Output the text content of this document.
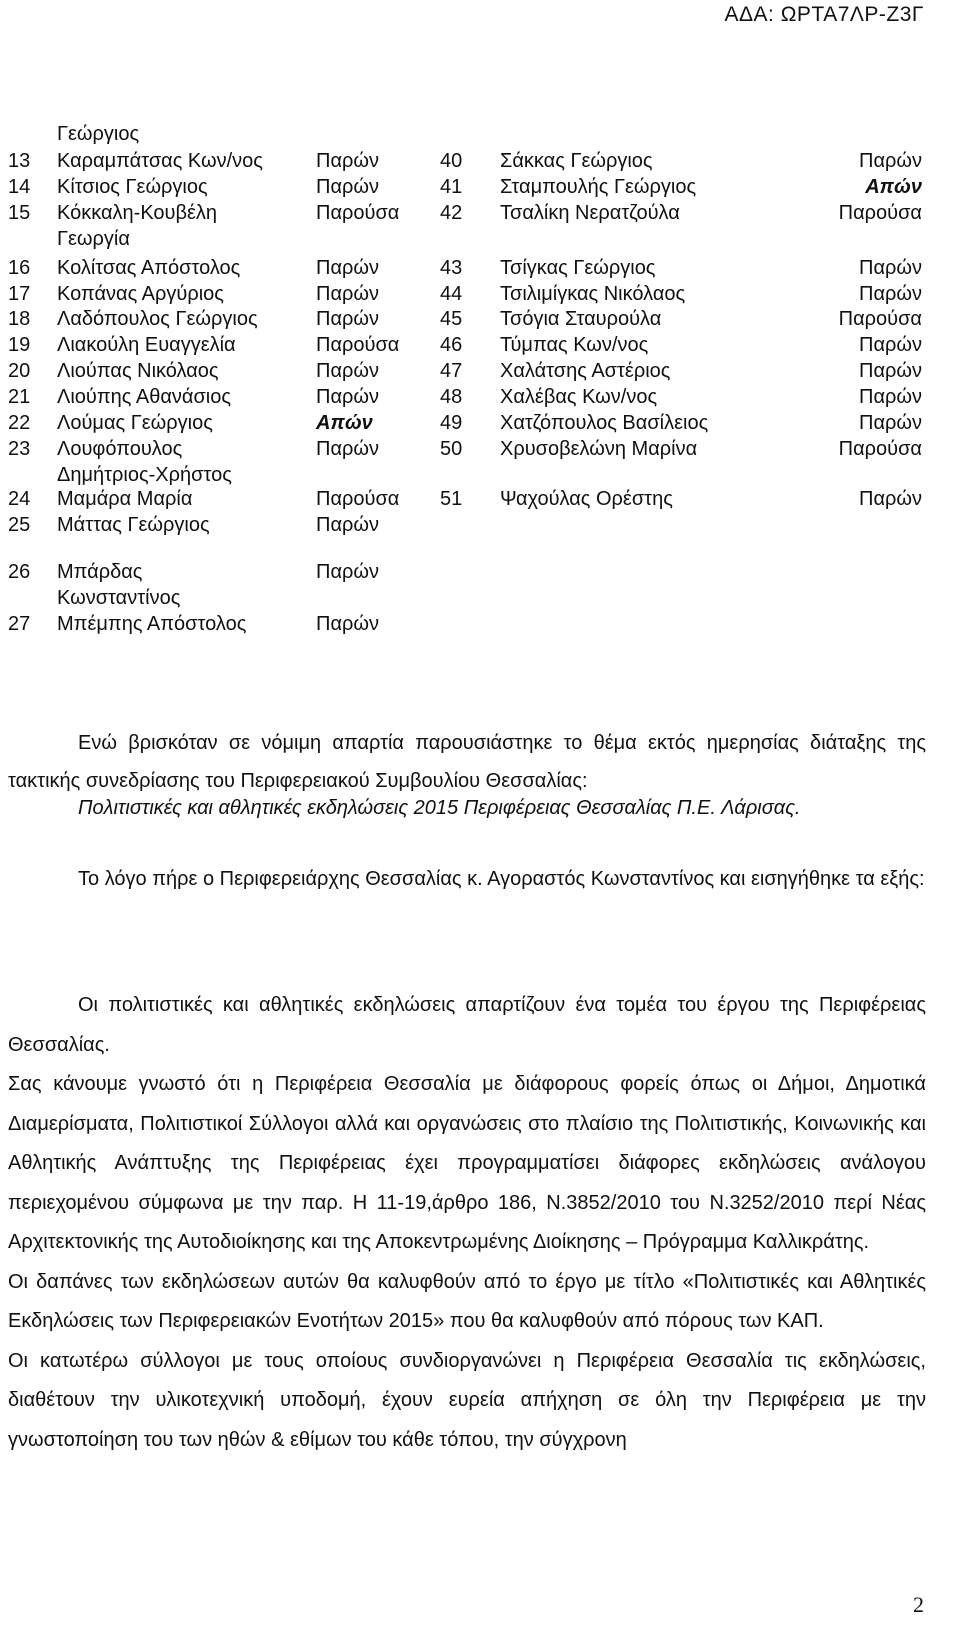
ΑΔΑ: ΩΡΤΑ7ΛΡ-Ζ3Γ
Γεώργιος
13 Καραμπάτσας Κων/νος	Παρών
14 Κίτσιος Γεώργιος	Παρών
15 Κόκκαλη-Κουβέλη	Παρούσα
Γεωργία
16 Κολίτσας Απόστολος	Παρών
17 Κοπάνας Αργύριος	Παρών
18 Λαδόπουλος Γεώργιος	Παρών
19 Λιακούλη Ευαγγελία	Παρούσα
20 Λιούπας Νικόλαος	Παρών
21 Λιούπης Αθανάσιος	Παρών
22 Λούμας Γεώργιος	Απών
23 Λουφόπουλος	Παρών
Δημήτριος-Χρήστος
24 Μαμάρα Μαρία	Παρούσα
25 Μάττας Γεώργιος	Παρών
26 Μπάρδας	Παρών
Κωνσταντίνος
27 Μπέμπης Απόστολος	Παρών
40 Σάκκας Γεώργιος	Παρών
41 Σταμπουλής Γεώργιος	Απών
42 Τσαλίκη Νερατζούλα	Παρούσα
43 Τσίγκας Γεώργιος	Παρών
44 Τσιλιμίγκας Νικόλαος	Παρών
45 Τσόγια Σταυρούλα	Παρούσα
46 Τύμπας Κων/νος	Παρών
47 Χαλάτσης Αστέριος	Παρών
48 Χαλέβας Κων/νος	Παρών
49 Χατζόπουλος Βασίλειος	Παρών
50 Χρυσοβελώνη Μαρίνα	Παρούσα
51 Ψαχούλας Ορέστης	Παρών

Ενώ βρισκόταν σε νόμιμη απαρτία παρουσιάστηκε το θέμα εκτός ημερησίας διάταξης της τακτικής συνεδρίασης του Περιφερειακού Συμβουλίου Θεσσαλίας:

Πολιτιστικές και αθλητικές εκδηλώσεις 2015 Περιφέρειας Θεσσαλίας Π.Ε. Λάρισας.

Το λόγο πήρε ο Περιφερειάρχης Θεσσαλίας κ. Αγοραστός Κωνσταντίνος και εισηγήθηκε τα εξής:

Οι πολιτιστικές και αθλητικές εκδηλώσεις απαρτίζουν ένα τομέα του έργου της Περιφέρειας Θεσσαλίας.

Σας κάνουμε γνωστό ότι η Περιφέρεια Θεσσαλία με διάφορους φορείς όπως οι Δήμοι, Δημοτικά Διαμερίσματα, Πολιτιστικοί Σύλλογοι αλλά και οργανώσεις στο πλαίσιο της Πολιτιστικής, Κοινωνικής και Αθλητικής Ανάπτυξης της Περιφέρειας έχει προγραμματίσει διάφορες εκδηλώσεις ανάλογου περιεχομένου σύμφωνα με την παρ. Η 11-19,άρθρο 186, Ν.3852/2010 του Ν.3252/2010 περί Νέας Αρχιτεκτονικής της Αυτοδιοίκησης και της Αποκεντρωμένης Διοίκησης – Πρόγραμμα Καλλικράτης.

Οι δαπάνες των εκδηλώσεων αυτών θα καλυφθούν από το έργο με τίτλο «Πολιτιστικές και Αθλητικές Εκδηλώσεις των Περιφερειακών Ενοτήτων 2015» που θα καλυφθούν από πόρους των ΚΑΠ.

Οι κατωτέρω σύλλογοι με τους οποίους συνδιοργανώνει η Περιφέρεια Θεσσαλία τις εκδηλώσεις, διαθέτουν την υλικοτεχνική υποδομή, έχουν ευρεία απήχηση σε όλη την Περιφέρεια με την γνωστοποίηση του των ηθών & εθίμων του κάθε τόπου, την σύγχρονη

2
